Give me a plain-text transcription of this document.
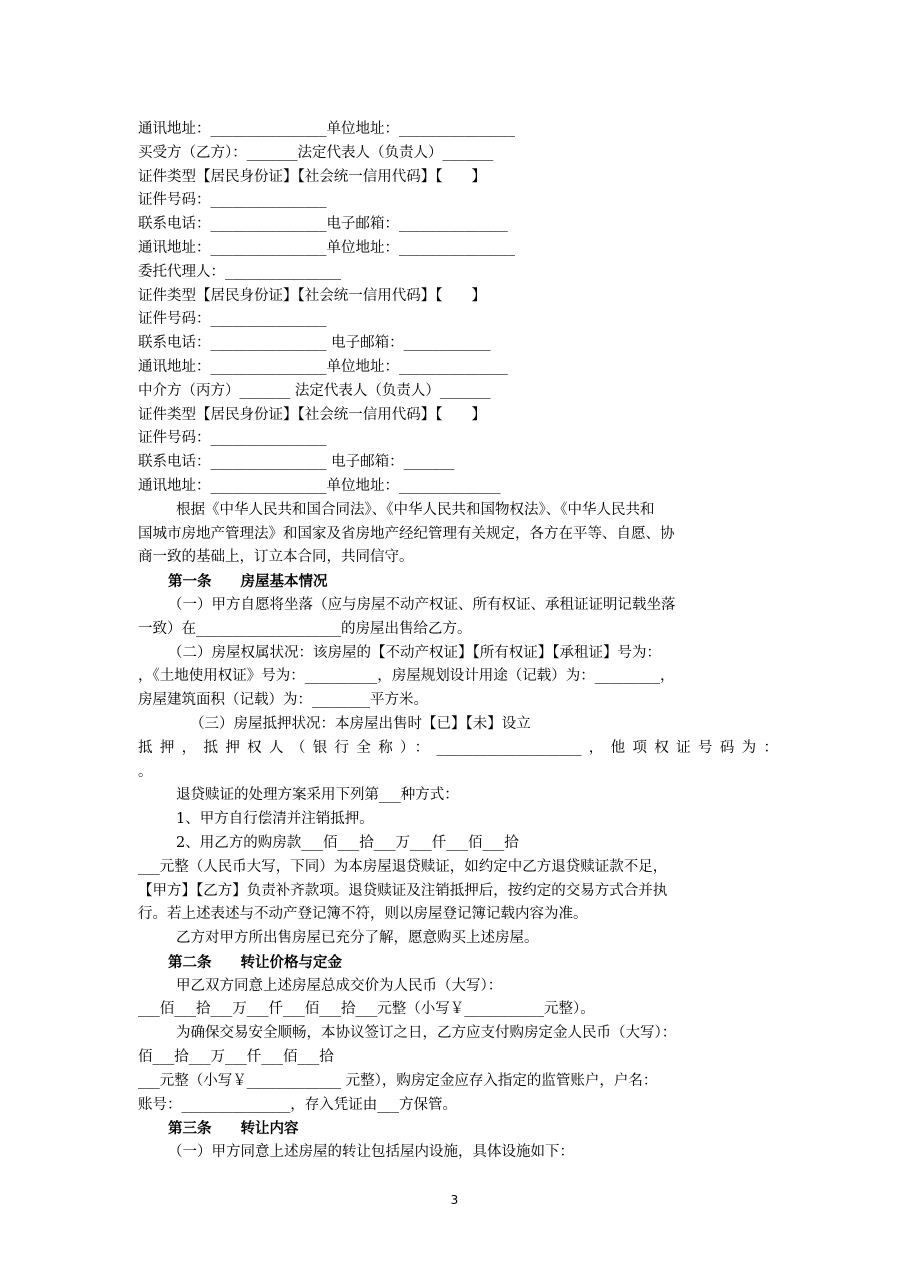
通讯地址：________________单位地址：________________
买受方（乙方）：_______法定代表人（负责人）_______
证件类型【居民身份证】【社会统一信用代码】【　　】
证件号码：________________
联系电话：________________电子邮箱：_______________
通讯地址：________________单位地址：________________
委托代理人：________________
证件类型【居民身份证】【社会统一信用代码】【　　】
证件号码：________________
联系电话：________________ 电子邮箱：____________
通讯地址：________________单位地址：_______________
中介方（丙方）_______ 法定代表人（负责人）_______
证件类型【居民身份证】【社会统一信用代码】【　　】
证件号码：________________
联系电话：________________ 电子邮箱：_______
通讯地址：________________单位地址：______________
根据《中华人民共和国合同法》、《中华人民共和国物权法》、《中华人民共和
国城市房地产管理法》和国家及省房地产经纪管理有关规定，各方在平等、自愿、协
商一致的基础上，订立本合同，共同信守。
第一条　　房屋基本情况
（一）甲方自愿将坐落（应与房屋不动产权证、所有权证、承租证证明记载坐落
一致）在____________________的房屋出售给乙方。
（二）房屋权属状况：该房屋的【不动产权证】【所有权证】【承租证】号为：
，《土地使用权证》号为：__________，房屋规划设计用途（记载）为：_________，
房屋建筑面积（记载）为：________平方米。
（三）房屋抵押状况：本房屋出售时【已】【未】设立
抵押，抵押权人（银行全称）：____________________，他项权证号码为：
。
退贷赎证的处理方案采用下列第___种方式：
1、甲方自行偿清并注销抵押。
2、用乙方的购房款___佰___拾___万___仟___佰___拾
___元整（人民币大写，下同）为本房屋退贷赎证，如约定中乙方退贷赎证款不足，
【甲方】【乙方】负责补齐款项。退贷赎证及注销抵押后，按约定的交易方式合并执
行。若上述表述与不动产登记簿不符，则以房屋登记簿记载内容为准。
乙方对甲方所出售房屋已充分了解，愿意购买上述房屋。
第二条　　转让价格与定金
甲乙双方同意上述房屋总成交价为人民币（大写）：
___佰___拾___万___仟___佰___拾___元整（小写￥___________元整）。
为确保交易安全顺畅，本协议签订之日，乙方应支付购房定金人民币（大写）：
佰___拾___万___仟___佰___拾
___元整（小写￥_____________ 元整），购房定金应存入指定的监管账户，户名：
账号：_______________，存入凭证由___方保管。
第三条　　转让内容
（一）甲方同意上述房屋的转让包括屋内设施，具体设施如下：
3
